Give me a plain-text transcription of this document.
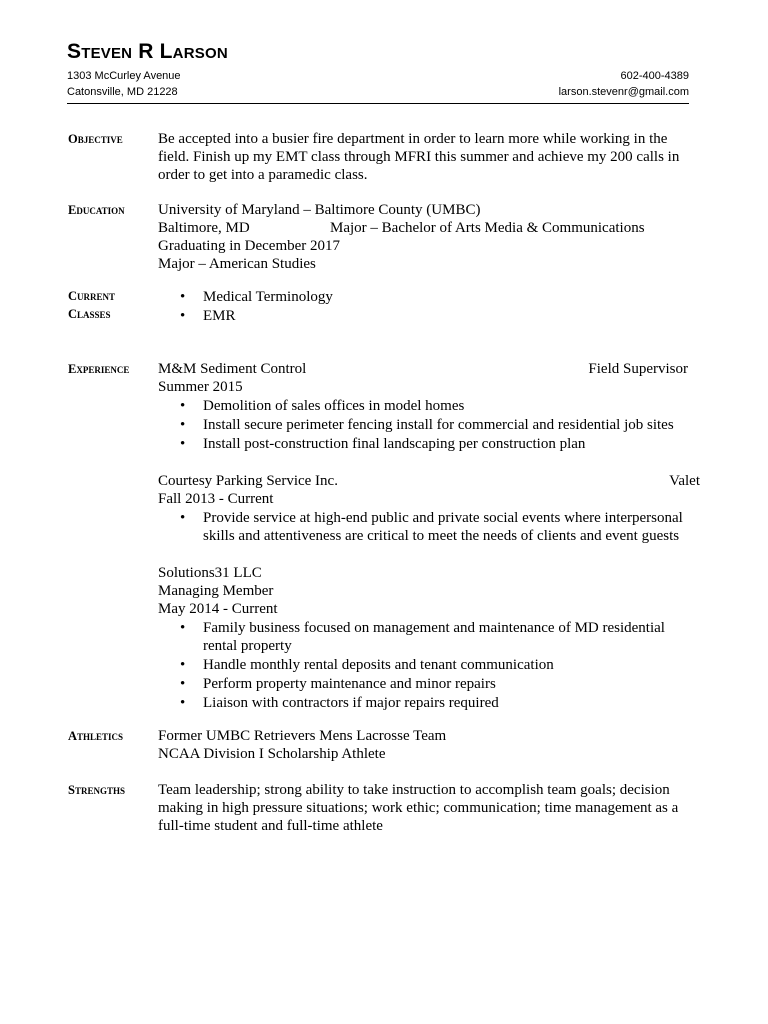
Steven R Larson
1303 McCurley Avenue
Catonsville, MD 21228
602-400-4389
larson.stevenr@gmail.com
Objective	Be accepted into a busier fire department in order to learn more while working in the

field. Finish up my EMT class through MFRI this summer and achieve my 200 calls in

order to get into a paramedic class.

Education	University of Maryland – Baltimore County (UMBC)

Baltimore, MD	Major – Bachelor of Arts Media & Communications

Graduating in December 2017

Major – American Studies

Current Classes
• Medical Terminology
• EMR
Experience	M&M Sediment Control	Field Supervisor

Summer 2015

• Demolition of sales offices in model homes
• Install secure perimeter fencing install for commercial and residential job sites
• Install post-construction final landscaping per construction plan
Courtesy Parking Service Inc.	Valet

Fall 2013 - Current

• Provide service at high-end public and private social events where interpersonal skills and attentiveness are critical to meet the needs of clients and event guests

Solutions31 LLC

Managing Member

May 2014 - Current

• Family business focused on management and maintenance of MD residential rental property
• Handle monthly rental deposits and tenant communication
• Perform property maintenance and minor repairs
• Liaison with contractors if major repairs required
Athletics	Former UMBC Retrievers Mens Lacrosse Team

NCAA Division I Scholarship Athlete

Strengths	Team leadership; strong ability to take instruction to accomplish team goals; decision

making in high pressure situations; work ethic; communication; time management as a

full-time student and full-time athlete
